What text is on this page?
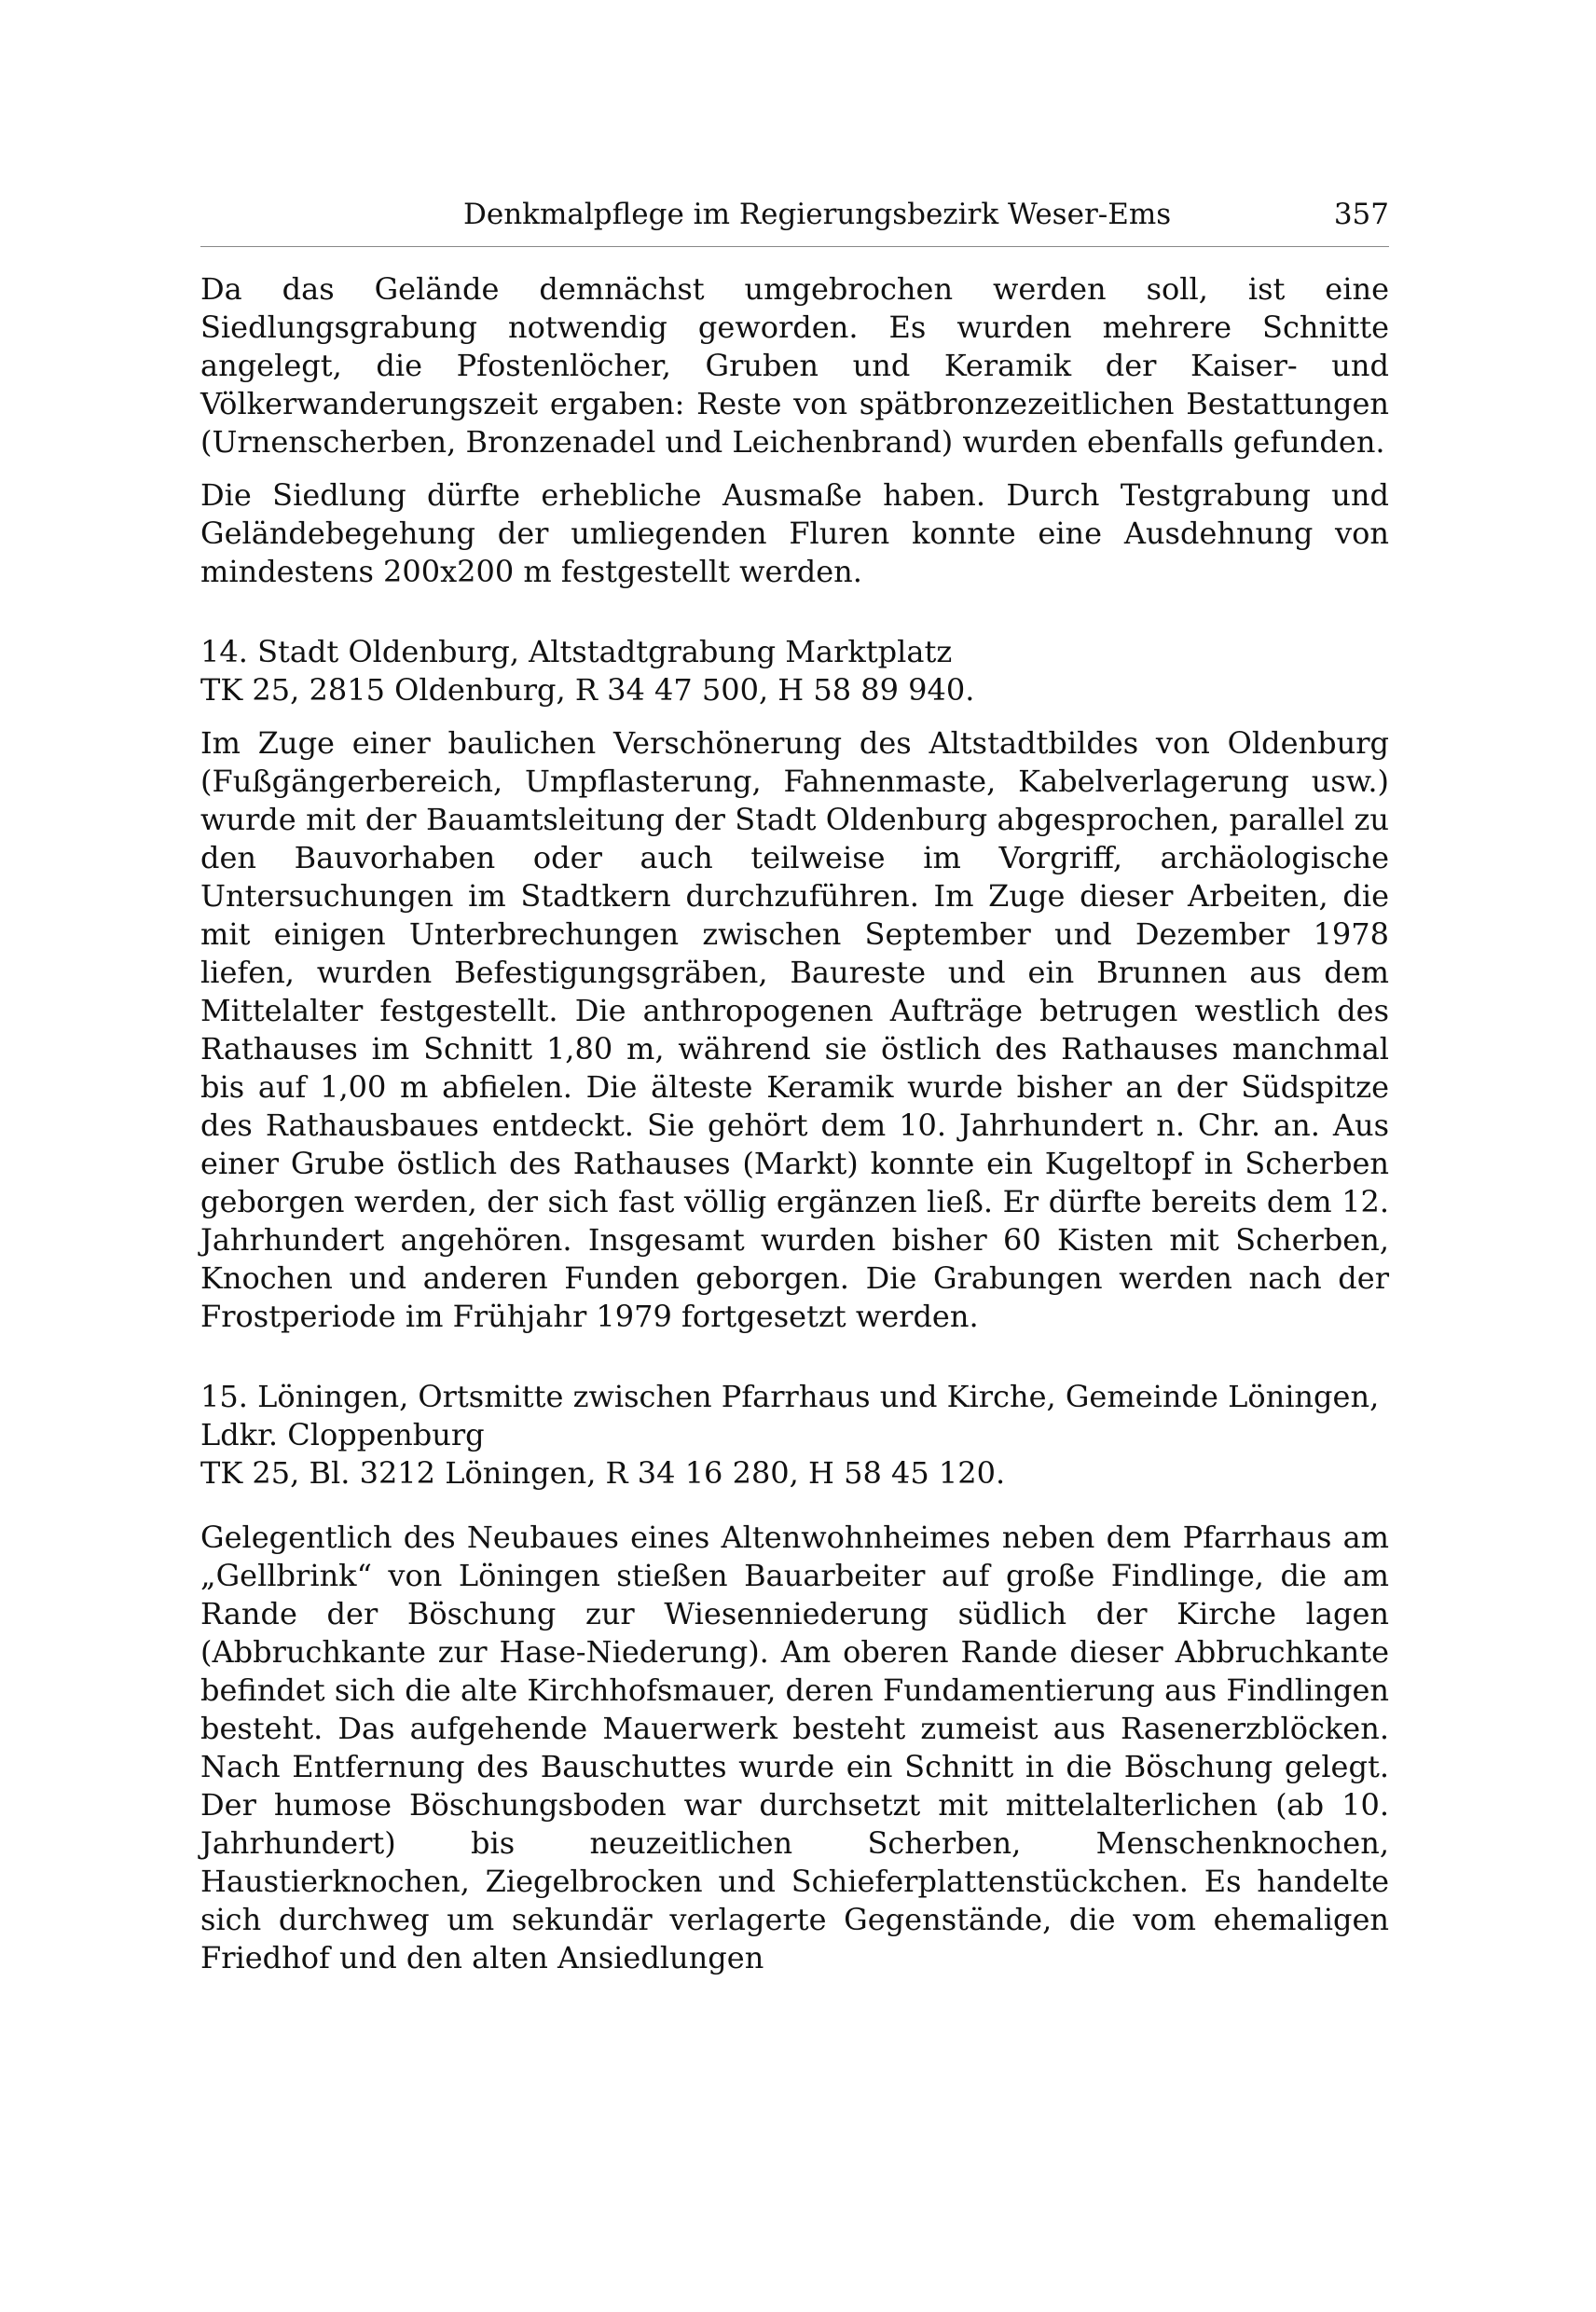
Denkmalpflege im Regierungsbezirk Weser-Ems	357

Da das Gelände demnächst umgebrochen werden soll, ist eine Siedlungsgrabung notwendig geworden. Es wurden mehrere Schnitte angelegt, die Pfostenlöcher, Gruben und Keramik der Kaiser- und Völkerwanderungszeit ergaben: Reste von spätbronzezeitlichen Bestattungen (Urnenscherben, Bronzenadel und Leichenbrand) wurden ebenfalls gefunden.

Die Siedlung dürfte erhebliche Ausmaße haben. Durch Testgrabung und Geländebegehung der umliegenden Fluren konnte eine Ausdehnung von mindestens 200x200 m festgestellt werden.

14. Stadt Oldenburg, Altstadtgrabung Marktplatz
TK 25, 2815 Oldenburg, R 34 47 500, H 58 89 940.

Im Zuge einer baulichen Verschönerung des Altstadtbildes von Oldenburg (Fußgängerbereich, Umpflasterung, Fahnenmaste, Kabelverlagerung usw.) wurde mit der Bauamtsleitung der Stadt Oldenburg abgesprochen, parallel zu den Bauvorhaben oder auch teilweise im Vorgriff, archäologische Untersuchungen im Stadtkern durchzuführen. Im Zuge dieser Arbeiten, die mit einigen Unterbrechungen zwischen September und Dezember 1978 liefen, wurden Befestigungsgräben, Baureste und ein Brunnen aus dem Mittelalter festgestellt. Die anthropogenen Aufträge betrugen westlich des Rathauses im Schnitt 1,80 m, während sie östlich des Rathauses manchmal bis auf 1,00 m abfielen. Die älteste Keramik wurde bisher an der Südspitze des Rathausbaues entdeckt. Sie gehört dem 10. Jahrhundert n. Chr. an. Aus einer Grube östlich des Rathauses (Markt) konnte ein Kugeltopf in Scherben geborgen werden, der sich fast völlig ergänzen ließ. Er dürfte bereits dem 12. Jahrhundert angehören. Insgesamt wurden bisher 60 Kisten mit Scherben, Knochen und anderen Funden geborgen. Die Grabungen werden nach der Frostperiode im Frühjahr 1979 fortgesetzt werden.

15. Löningen, Ortsmitte zwischen Pfarrhaus und Kirche, Gemeinde Löningen,
Ldkr. Cloppenburg
TK 25, Bl. 3212 Löningen, R 34 16 280, H 58 45 120.

Gelegentlich des Neubaues eines Altenwohnheimes neben dem Pfarrhaus am „Gellbrink“ von Löningen stießen Bauarbeiter auf große Findlinge, die am Rande der Böschung zur Wiesenniederung südlich der Kirche lagen (Abbruchkante zur Hase-Niederung). Am oberen Rande dieser Abbruchkante befindet sich die alte Kirchhofsmauer, deren Fundamentierung aus Findlingen besteht. Das aufgehende Mauerwerk besteht zumeist aus Rasenerzblöcken. Nach Entfernung des Bauschuttes wurde ein Schnitt in die Böschung gelegt. Der humose Böschungsboden war durchsetzt mit mittelalterlichen (ab 10. Jahrhundert) bis neuzeitlichen Scherben, Menschenknochen, Haustierknochen, Ziegelbrocken und Schieferplattenstückchen. Es handelte sich durchweg um sekundär verlagerte Gegenstände, die vom ehemaligen Friedhof und den alten Ansiedlungen
